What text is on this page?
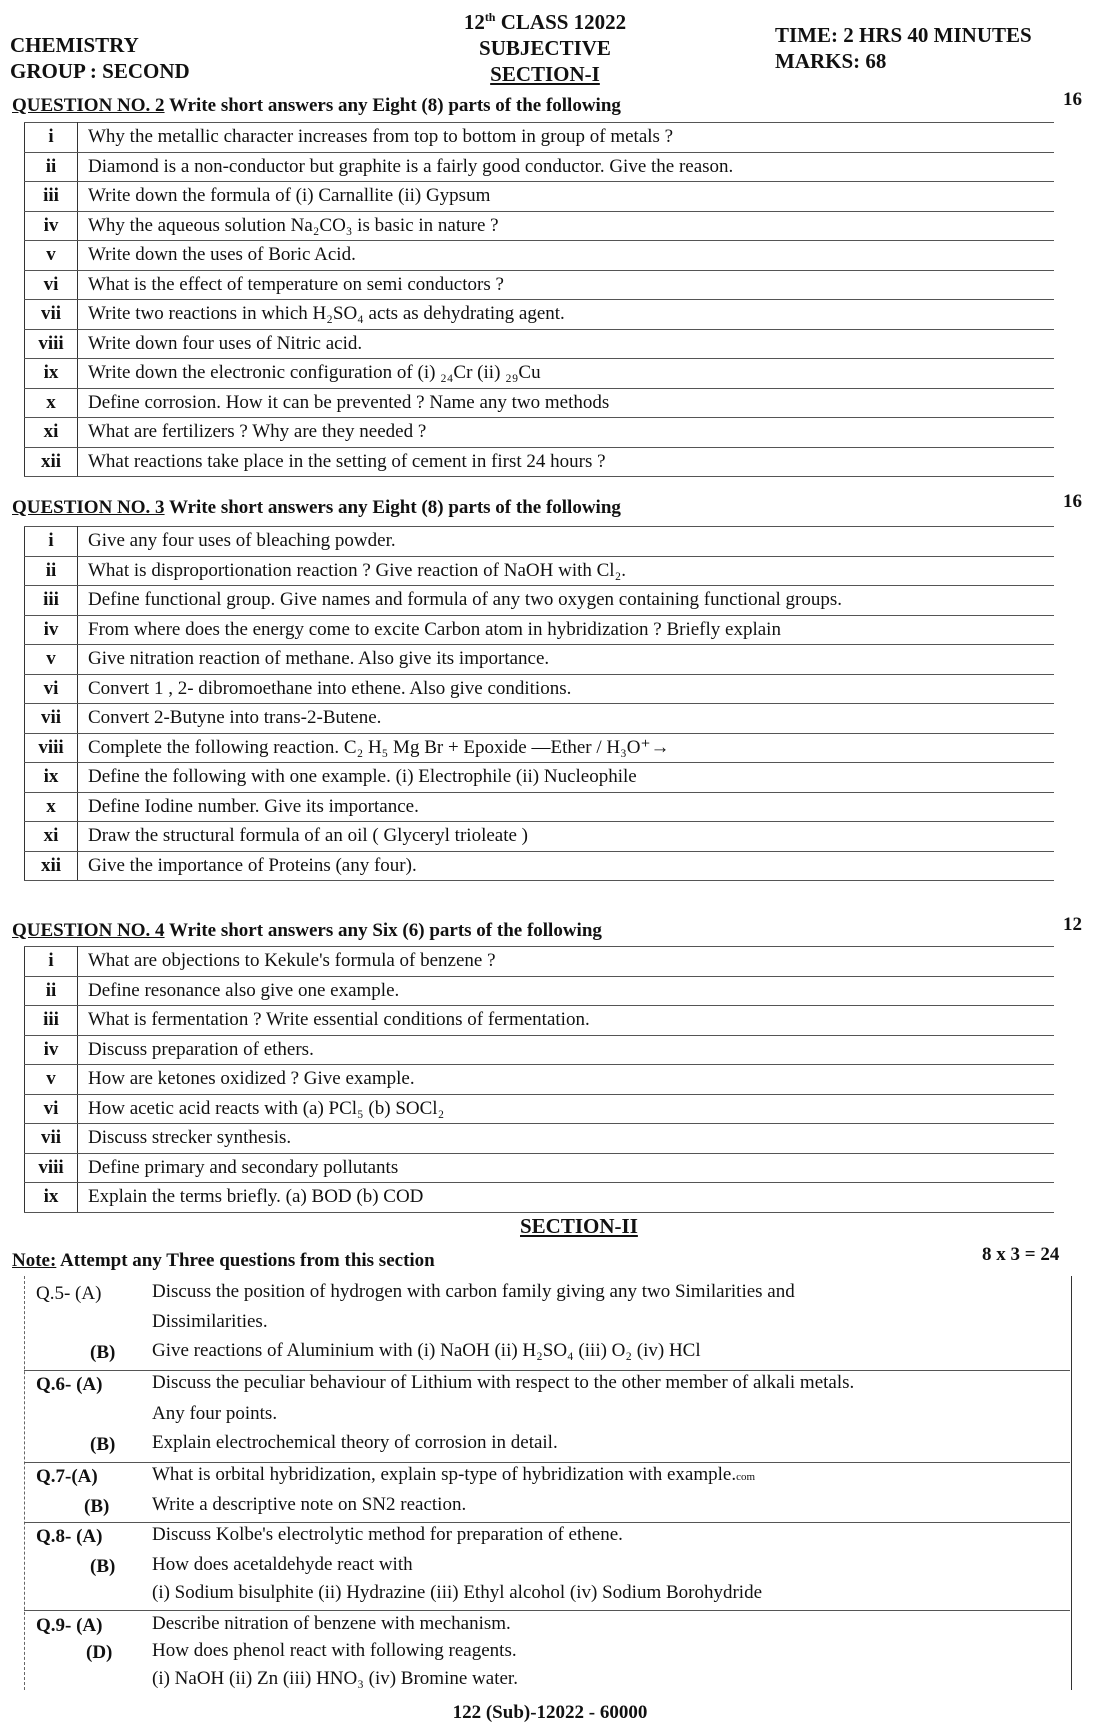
CHEMISTRY
GROUP : SECOND
12th CLASS 12022
SUBJECTIVE
SECTION-I
TIME: 2 HRS 40 MINUTES
MARKS: 68
QUESTION NO. 2 Write short answers any Eight (8) parts of the following	16
i	Why the metallic character increases from top to bottom in group of metals ?
ii	Diamond is a non-conductor but graphite is a fairly good conductor. Give the reason.
iii	Write down the formula of (i) Carnallite (ii) Gypsum
iv	Why the aqueous solution Na₂CO₃ is basic in nature ?
v	Write down the uses of Boric Acid.
vi	What is the effect of temperature on semi conductors ?
vii	Write two reactions in which H₂SO₄ acts as dehydrating agent.
viii	Write down four uses of Nitric acid.
ix	Write down the electronic configuration of (i) ₂₄Cr (ii) ₂₉Cu
x	Define corrosion. How it can be prevented ? Name any two methods
xi	What are fertilizers ? Why are they needed ?
xii	What reactions take place in the setting of cement in first 24 hours ?
QUESTION NO. 3 Write short answers any Eight (8) parts of the following	16
i	Give any four uses of bleaching powder.
ii	What is disproportionation reaction ? Give reaction of NaOH with Cl₂.
iii	Define functional group. Give names and formula of any two oxygen containing functional groups.
iv	From where does the energy come to excite Carbon atom in hybridization ? Briefly explain
v	Give nitration reaction of methane. Also give its importance.
vi	Convert 1 , 2- dibromoethane into ethene. Also give conditions.
vii	Convert 2-Butyne into trans-2-Butene.
viii	Complete the following reaction. C₂ H₅ Mg Br + Epoxide —Ether / H₃O⁺→
ix	Define the following with one example. (i) Electrophile (ii) Nucleophile
x	Define Iodine number. Give its importance.
xi	Draw the structural formula of an oil ( Glyceryl trioleate )
xii	Give the importance of Proteins (any four).
QUESTION NO. 4 Write short answers any Six (6) parts of the following	12
i	What are objections to Kekule's formula of benzene ?
ii	Define resonance also give one example.
iii	What is fermentation ? Write essential conditions of fermentation.
iv	Discuss preparation of ethers.
v	How are ketones oxidized ? Give example.
vi	How acetic acid reacts with (a) PCl₅ (b) SOCl₂
vii	Discuss strecker synthesis.
viii	Define primary and secondary pollutants
ix	Explain the terms briefly. (a) BOD (b) COD
SECTION-II
Note: Attempt any Three questions from this section	8 x 3 = 24
Q.5- (A)	Discuss the position of hydrogen with carbon family giving any two Similarities and
Dissimilarities.
(B) Give reactions of Aluminium with (i) NaOH (ii) H₂SO₄ (iii) O₂ (iv) HCl
Q.6- (A)	Discuss the peculiar behaviour of Lithium with respect to the other member of alkali metals.
Any four points.
(B) Explain electrochemical theory of corrosion in detail.
Q.7-(A)	What is orbital hybridization, explain sp-type of hybridization with example.com
(B) Write a descriptive note on SN2 reaction.
Q.8- (A)	Discuss Kolbe's electrolytic method for preparation of ethene.
(B) How does acetaldehyde react with
(i) Sodium bisulphite (ii) Hydrazine (iii) Ethyl alcohol (iv) Sodium Borohydride
Q.9- (A)	Describe nitration of benzene with mechanism.
(D) How does phenol react with following reagents.
(i) NaOH (ii) Zn (iii) HNO₃ (iv) Bromine water.
122 (Sub)-12022 - 60000
